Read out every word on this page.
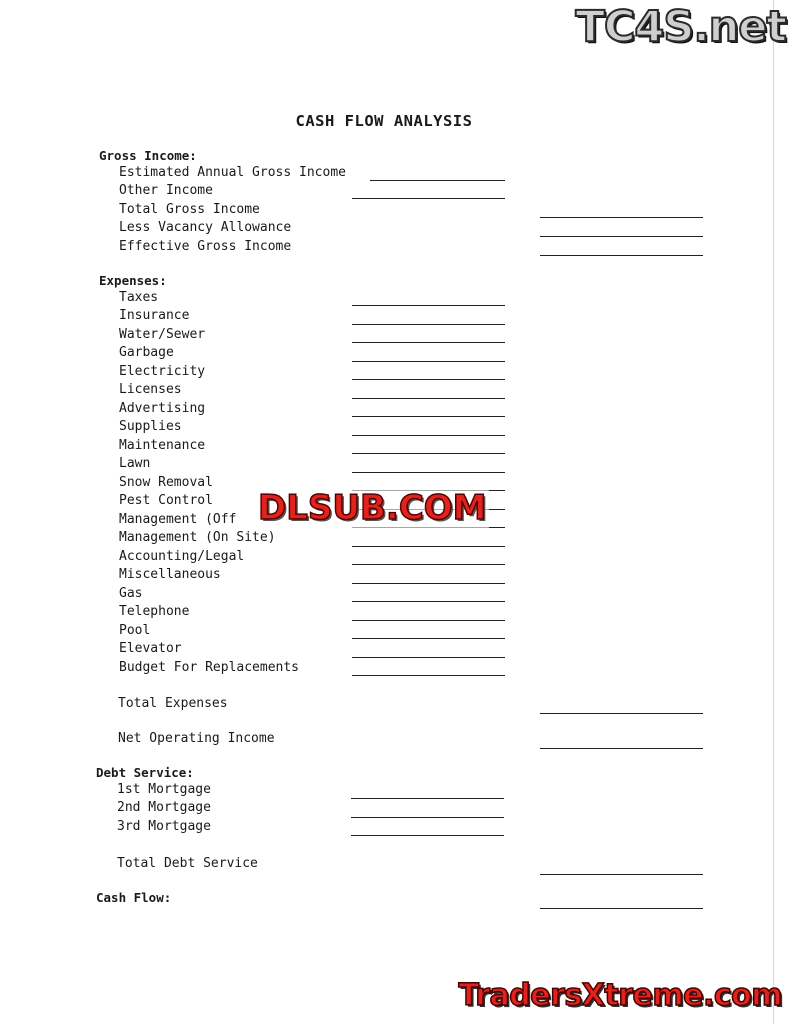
CASH FLOW ANALYSIS
Gross Income:
Estimated Annual Gross Income
Other Income
Total Gross Income
Less Vacancy Allowance
Effective Gross Income
Expenses:
Taxes
Insurance
Water/Sewer
Garbage
Electricity
Licenses
Advertising
Supplies
Maintenance
Lawn
Snow Removal
Pest Control
Management (Off
Management (On Site)
Accounting/Legal
Miscellaneous
Gas
Telephone
Pool
Elevator
Budget For Replacements
Total Expenses
Net Operating Income
Debt Service:
1st Mortgage
2nd Mortgage
3rd Mortgage
Total Debt Service
Cash Flow:
TC4S.net
DLSUB.COM
TradersXtreme.com
